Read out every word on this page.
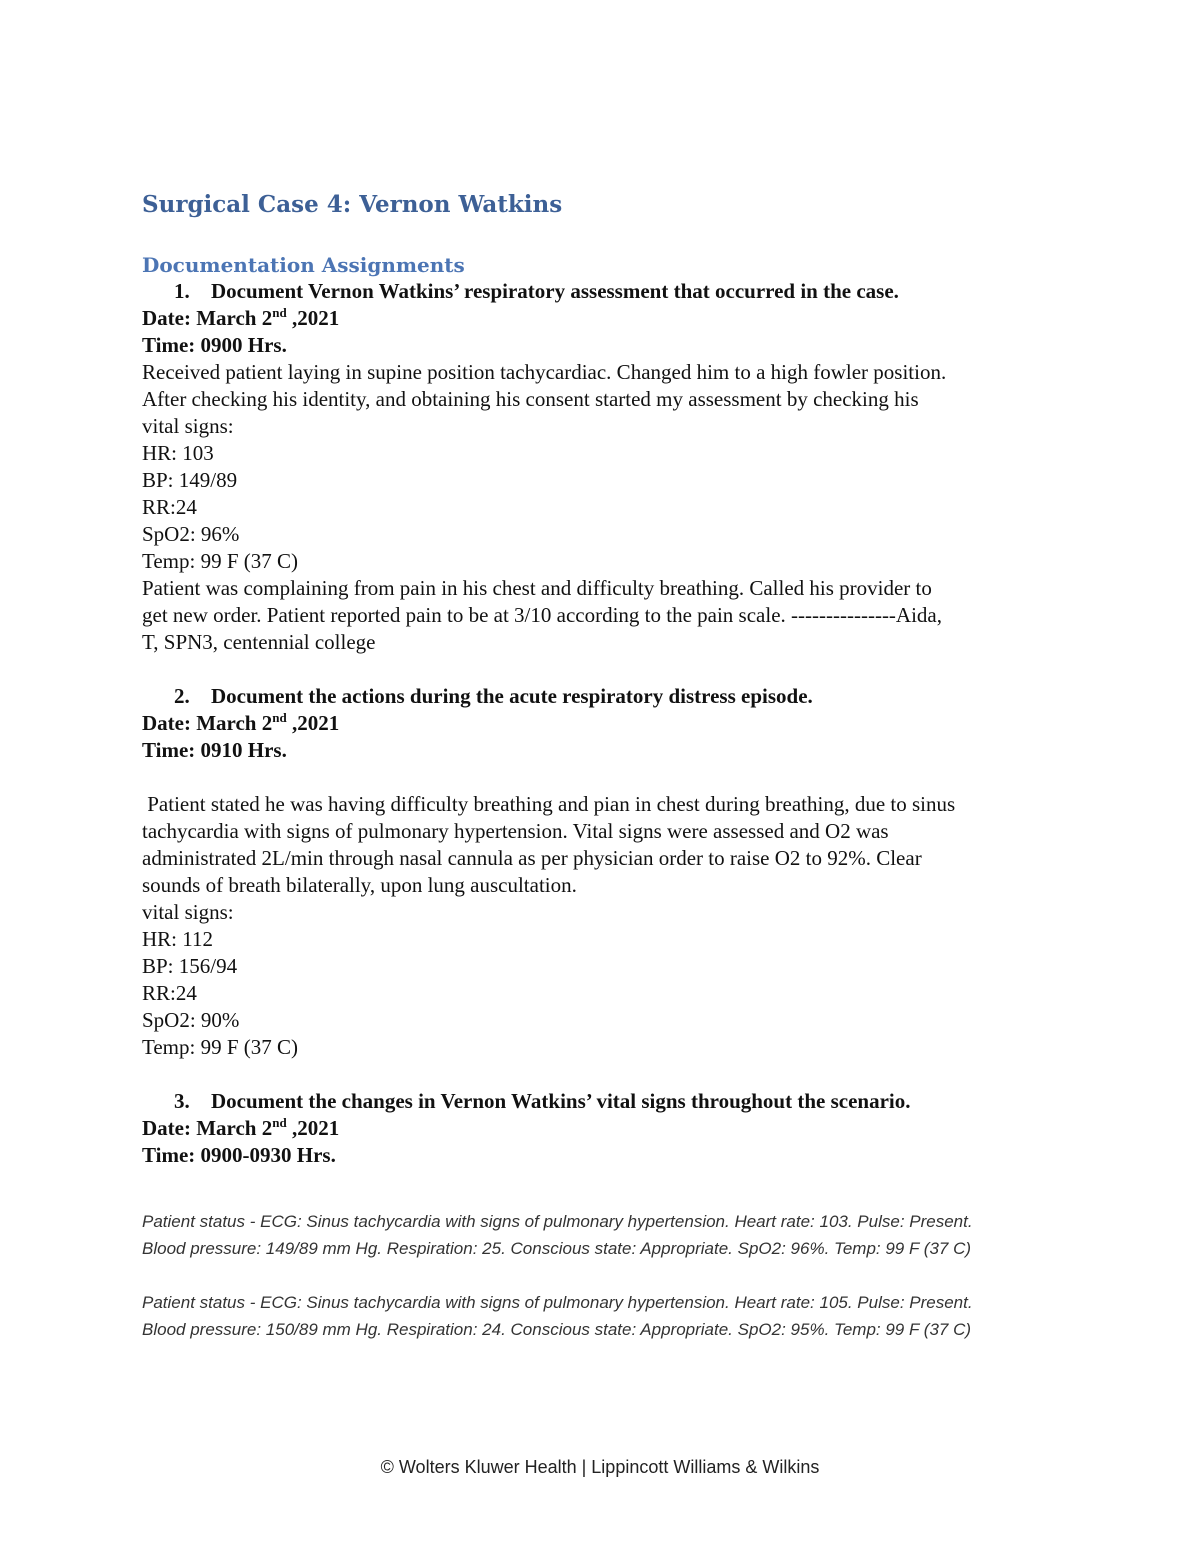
Surgical Case 4: Vernon Watkins
Documentation Assignments

1. Document Vernon Watkins’ respiratory assessment that occurred in the case.

Date: March 2nd ,2021

Time: 0900 Hrs.

Received patient laying in supine position tachycardiac. Changed him to a high fowler position.

After checking his identity, and obtaining his consent started my assessment by checking his

vital signs:

HR: 103

BP: 149/89

RR:24

SpO2: 96%

Temp: 99 F (37 C)

Patient was complaining from pain in his chest and difficulty breathing. Called his provider to

get new order. Patient reported pain to be at 3/10 according to the pain scale. ---------------Aida,

T, SPN3, centennial college

2. Document the actions during the acute respiratory distress episode.

Date: March 2nd ,2021

Time: 0910 Hrs.

Patient stated he was having difficulty breathing and pian in chest during breathing, due to sinus

tachycardia with signs of pulmonary hypertension. Vital signs were assessed and O2 was

administrated 2L/min through nasal cannula as per physician order to raise O2 to 92%. Clear

sounds of breath bilaterally, upon lung auscultation.

vital signs:

HR: 112

BP: 156/94

RR:24

SpO2: 90%

Temp: 99 F (37 C)

3. Document the changes in Vernon Watkins’ vital signs throughout the scenario.

Date: March 2nd ,2021

Time: 0900-0930 Hrs.

Patient status - ECG: Sinus tachycardia with signs of pulmonary hypertension. Heart rate: 103. Pulse: Present.

Blood pressure: 149/89 mm Hg. Respiration: 25. Conscious state: Appropriate. SpO2: 96%. Temp: 99 F (37 C)

Patient status - ECG: Sinus tachycardia with signs of pulmonary hypertension. Heart rate: 105. Pulse: Present.

Blood pressure: 150/89 mm Hg. Respiration: 24. Conscious state: Appropriate. SpO2: 95%. Temp: 99 F (37 C)

© Wolters Kluwer Health | Lippincott Williams & Wilkins
